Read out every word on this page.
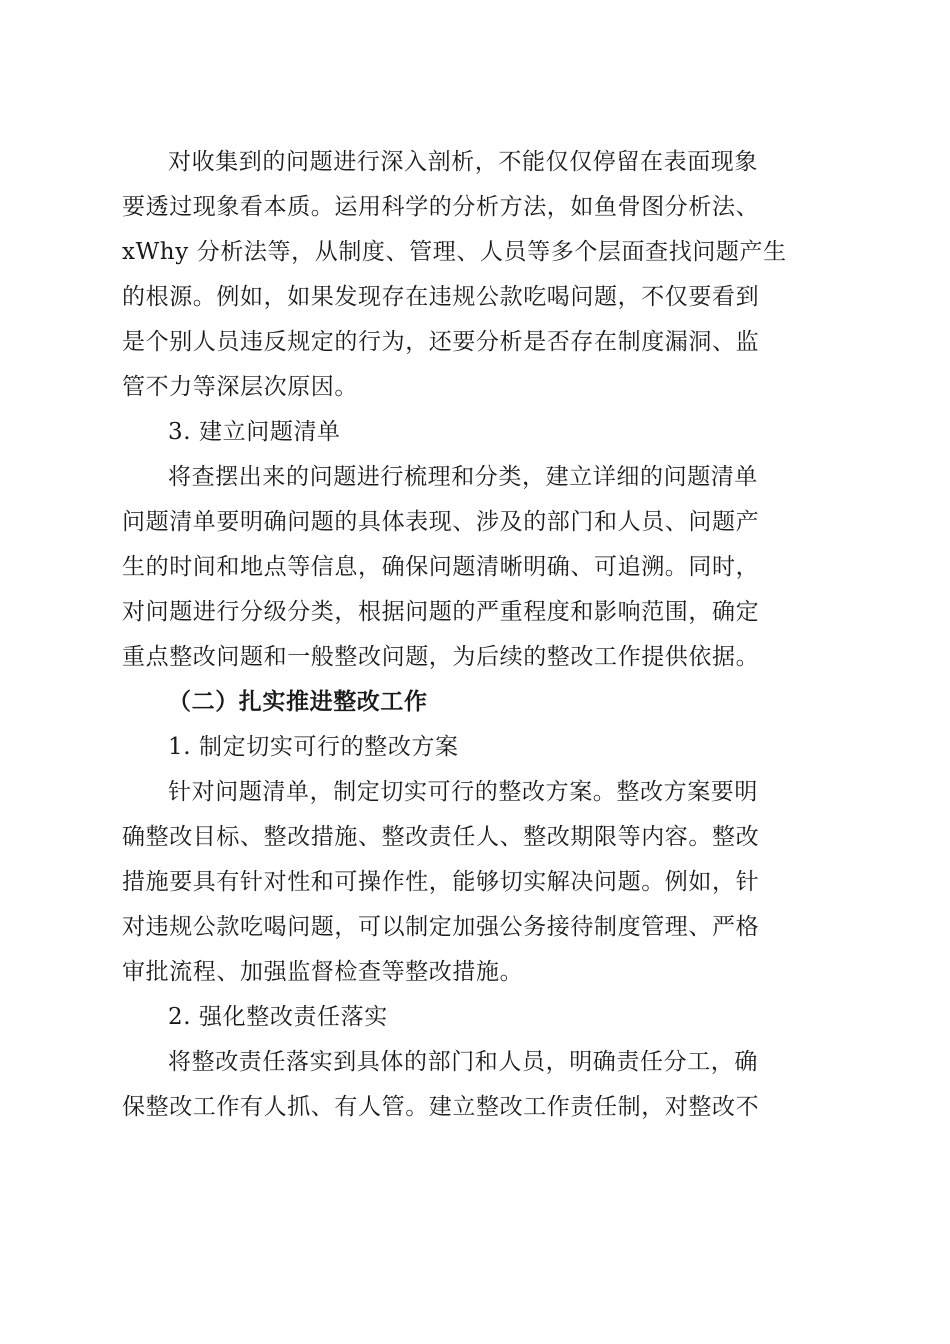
对收集到的问题进行深入剖析，不能仅仅停留在表面现象
要透过现象看本质。运用科学的分析方法，如鱼骨图分析法、
xWhy 分析法等，从制度、管理、人员等多个层面查找问题产生
的根源。例如，如果发现存在违规公款吃喝问题，不仅要看到
是个别人员违反规定的行为，还要分析是否存在制度漏洞、监
管不力等深层次原因。
3. 建立问题清单
将查摆出来的问题进行梳理和分类，建立详细的问题清单
问题清单要明确问题的具体表现、涉及的部门和人员、问题产
生的时间和地点等信息，确保问题清晰明确、可追溯。同时，
对问题进行分级分类，根据问题的严重程度和影响范围，确定
重点整改问题和一般整改问题，为后续的整改工作提供依据。
（二）扎实推进整改工作
1. 制定切实可行的整改方案
针对问题清单，制定切实可行的整改方案。整改方案要明
确整改目标、整改措施、整改责任人、整改期限等内容。整改
措施要具有针对性和可操作性，能够切实解决问题。例如，针
对违规公款吃喝问题，可以制定加强公务接待制度管理、严格
审批流程、加强监督检查等整改措施。
2. 强化整改责任落实
将整改责任落实到具体的部门和人员，明确责任分工，确
保整改工作有人抓、有人管。建立整改工作责任制，对整改不
